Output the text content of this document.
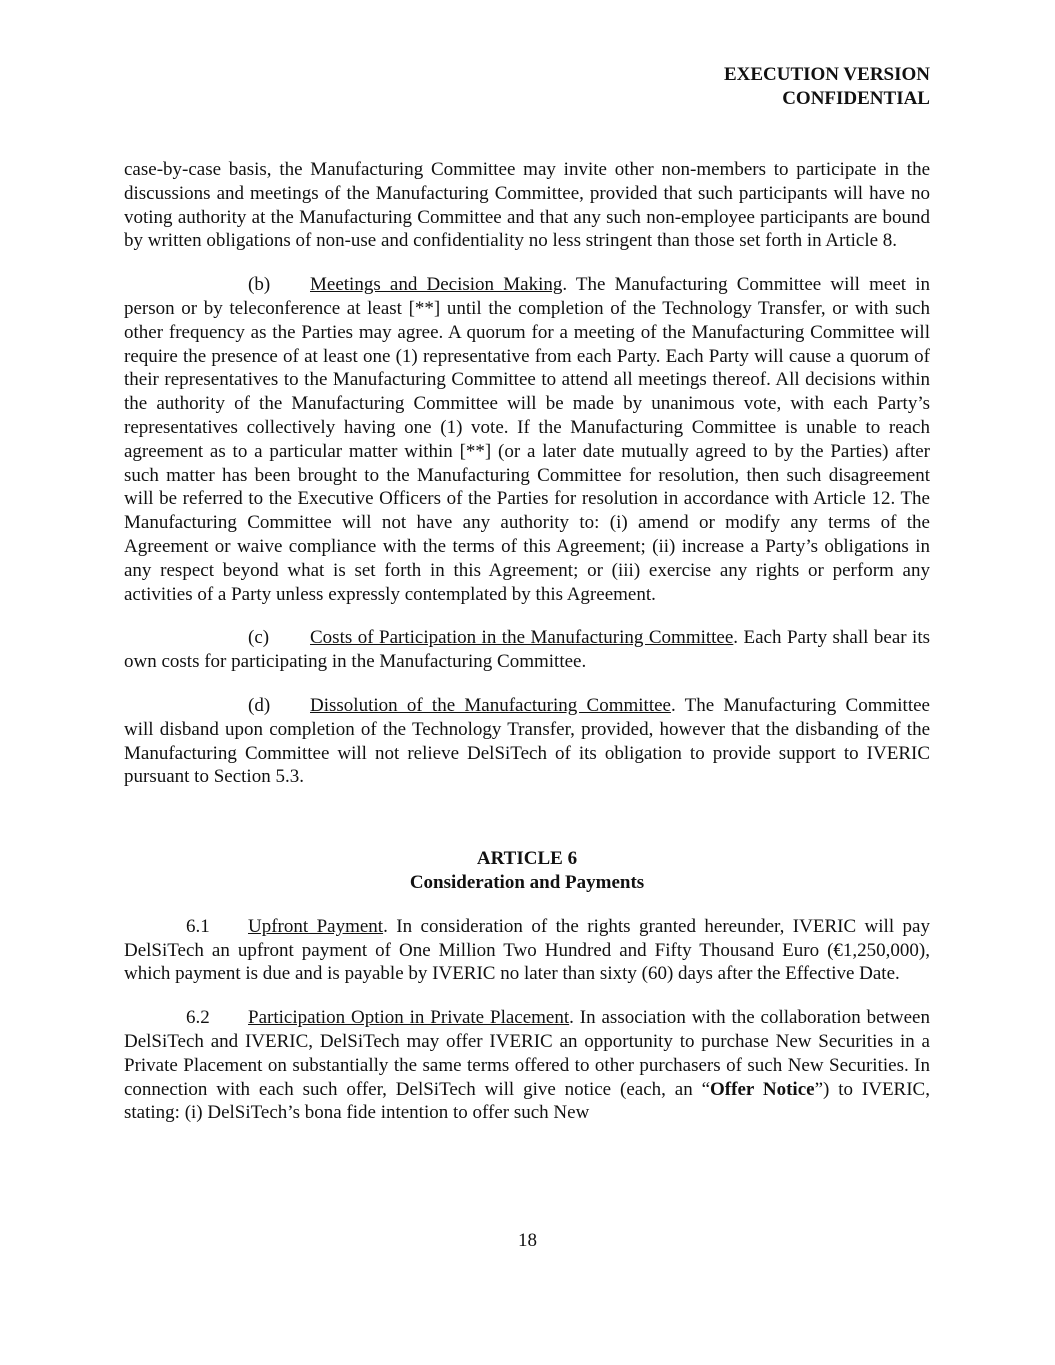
EXECUTION VERSION
CONFIDENTIAL

case-by-case basis, the Manufacturing Committee may invite other non-members to participate in the discussions and meetings of the Manufacturing Committee, provided that such participants will have no voting authority at the Manufacturing Committee and that any such non-employee participants are bound by written obligations of non-use and confidentiality no less stringent than those set forth in Article 8.

(b) Meetings and Decision Making. The Manufacturing Committee will meet in person or by teleconference at least [**] until the completion of the Technology Transfer, or with such other frequency as the Parties may agree. A quorum for a meeting of the Manufacturing Committee will require the presence of at least one (1) representative from each Party. Each Party will cause a quorum of their representatives to the Manufacturing Committee to attend all meetings thereof. All decisions within the authority of the Manufacturing Committee will be made by unanimous vote, with each Party’s representatives collectively having one (1) vote. If the Manufacturing Committee is unable to reach agreement as to a particular matter within [**] (or a later date mutually agreed to by the Parties) after such matter has been brought to the Manufacturing Committee for resolution, then such disagreement will be referred to the Executive Officers of the Parties for resolution in accordance with Article 12. The Manufacturing Committee will not have any authority to: (i) amend or modify any terms of the Agreement or waive compliance with the terms of this Agreement; (ii) increase a Party’s obligations in any respect beyond what is set forth in this Agreement; or (iii) exercise any rights or perform any activities of a Party unless expressly contemplated by this Agreement.

(c) Costs of Participation in the Manufacturing Committee. Each Party shall bear its own costs for participating in the Manufacturing Committee.

(d) Dissolution of the Manufacturing Committee. The Manufacturing Committee will disband upon completion of the Technology Transfer, provided, however that the disbanding of the Manufacturing Committee will not relieve DelSiTech of its obligation to provide support to IVERIC pursuant to Section 5.3.

ARTICLE 6
Consideration and Payments

6.1 Upfront Payment. In consideration of the rights granted hereunder, IVERIC will pay DelSiTech an upfront payment of One Million Two Hundred and Fifty Thousand Euro (€1,250,000), which payment is due and is payable by IVERIC no later than sixty (60) days after the Effective Date.

6.2 Participation Option in Private Placement. In association with the collaboration between DelSiTech and IVERIC, DelSiTech may offer IVERIC an opportunity to purchase New Securities in a Private Placement on substantially the same terms offered to other purchasers of such New Securities. In connection with each such offer, DelSiTech will give notice (each, an “Offer Notice”) to IVERIC, stating: (i) DelSiTech’s bona fide intention to offer such New

18
